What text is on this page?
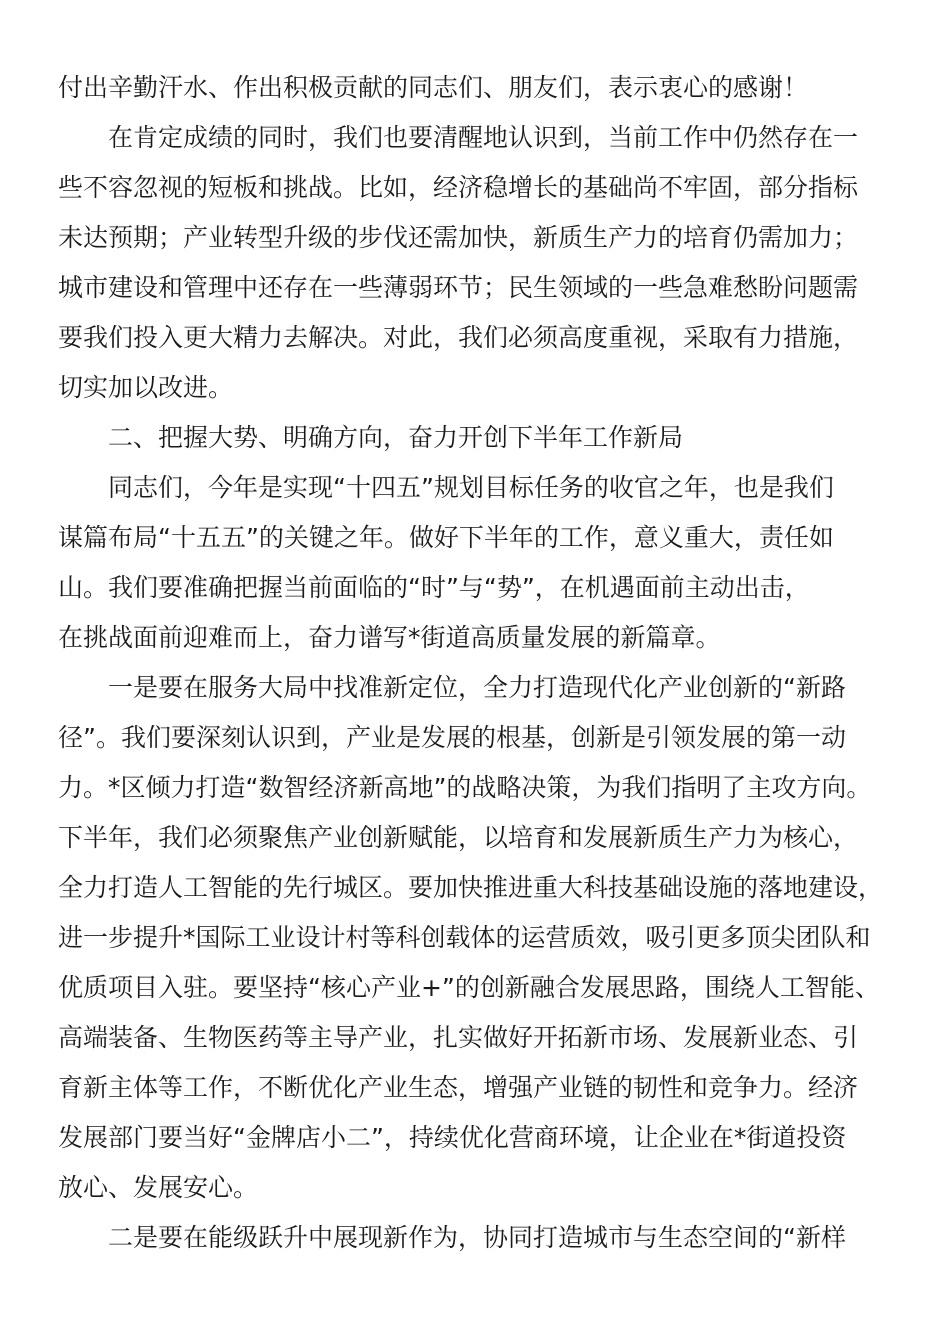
付出辛勤汗水、作出积极贡献的同志们、朋友们，表示衷心的感谢！
在肯定成绩的同时，我们也要清醒地认识到，当前工作中仍然存在一
些不容忽视的短板和挑战。比如，经济稳增长的基础尚不牢固，部分指标
未达预期；产业转型升级的步伐还需加快，新质生产力的培育仍需加力；
城市建设和管理中还存在一些薄弱环节；民生领域的一些急难愁盼问题需
要我们投入更大精力去解决。对此，我们必须高度重视，采取有力措施，
切实加以改进。
二、把握大势、明确方向，奋力开创下半年工作新局
同志们，今年是实现“十四五”规划目标任务的收官之年，也是我们
谋篇布局“十五五”的关键之年。做好下半年的工作，意义重大，责任如
山。我们要准确把握当前面临的“时”与“势”，在机遇面前主动出击，
在挑战面前迎难而上，奋力谱写*街道高质量发展的新篇章。
一是要在服务大局中找准新定位，全力打造现代化产业创新的“新路
径”。我们要深刻认识到，产业是发展的根基，创新是引领发展的第一动
力。*区倾力打造“数智经济新高地”的战略决策，为我们指明了主攻方向。
下半年，我们必须聚焦产业创新赋能，以培育和发展新质生产力为核心，
全力打造人工智能的先行城区。要加快推进重大科技基础设施的落地建设，
进一步提升*国际工业设计村等科创载体的运营质效，吸引更多顶尖团队和
优质项目入驻。要坚持“核心产业+”的创新融合发展思路，围绕人工智能、
高端装备、生物医药等主导产业，扎实做好开拓新市场、发展新业态、引
育新主体等工作，不断优化产业生态，增强产业链的韧性和竞争力。经济
发展部门要当好“金牌店小二”，持续优化营商环境，让企业在*街道投资
放心、发展安心。
二是要在能级跃升中展现新作为，协同打造城市与生态空间的“新样
